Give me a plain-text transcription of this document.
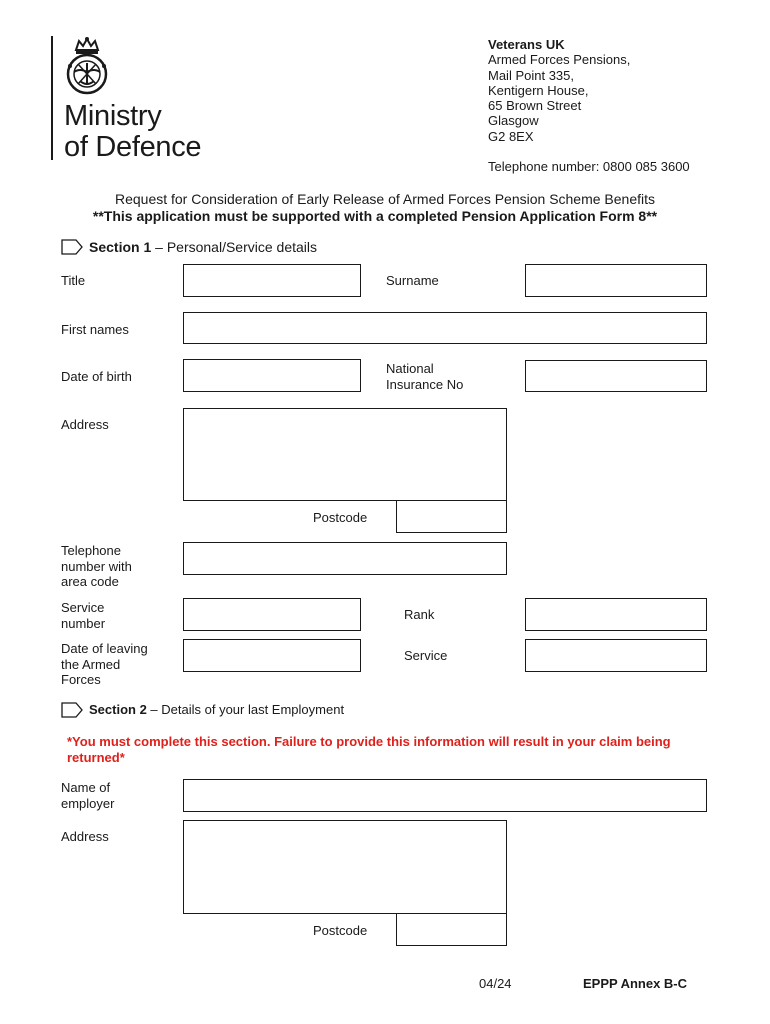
Ministry
of Defence
Veterans UK
Armed Forces Pensions,
Mail Point 335,
Kentigern House,
65 Brown Street
Glasgow
G2 8EX
Telephone number: 0800 085 3600
Request for Consideration of Early Release of Armed Forces Pension Scheme Benefits
**This application must be supported with a completed Pension Application Form 8**
Section 1 – Personal/Service details
Title	Surname
First names
Date of birth
National
Insurance No
Address
Postcode
Telephone
number with
area code
Service
number
Rank
Date of leaving
the Armed
Forces
Service
Section 2 – Details of your last Employment
*You must complete this section. Failure to provide this information will result in your claim being returned*
Name of
employer
Address
Postcode
04/24	EPPP Annex B-C
